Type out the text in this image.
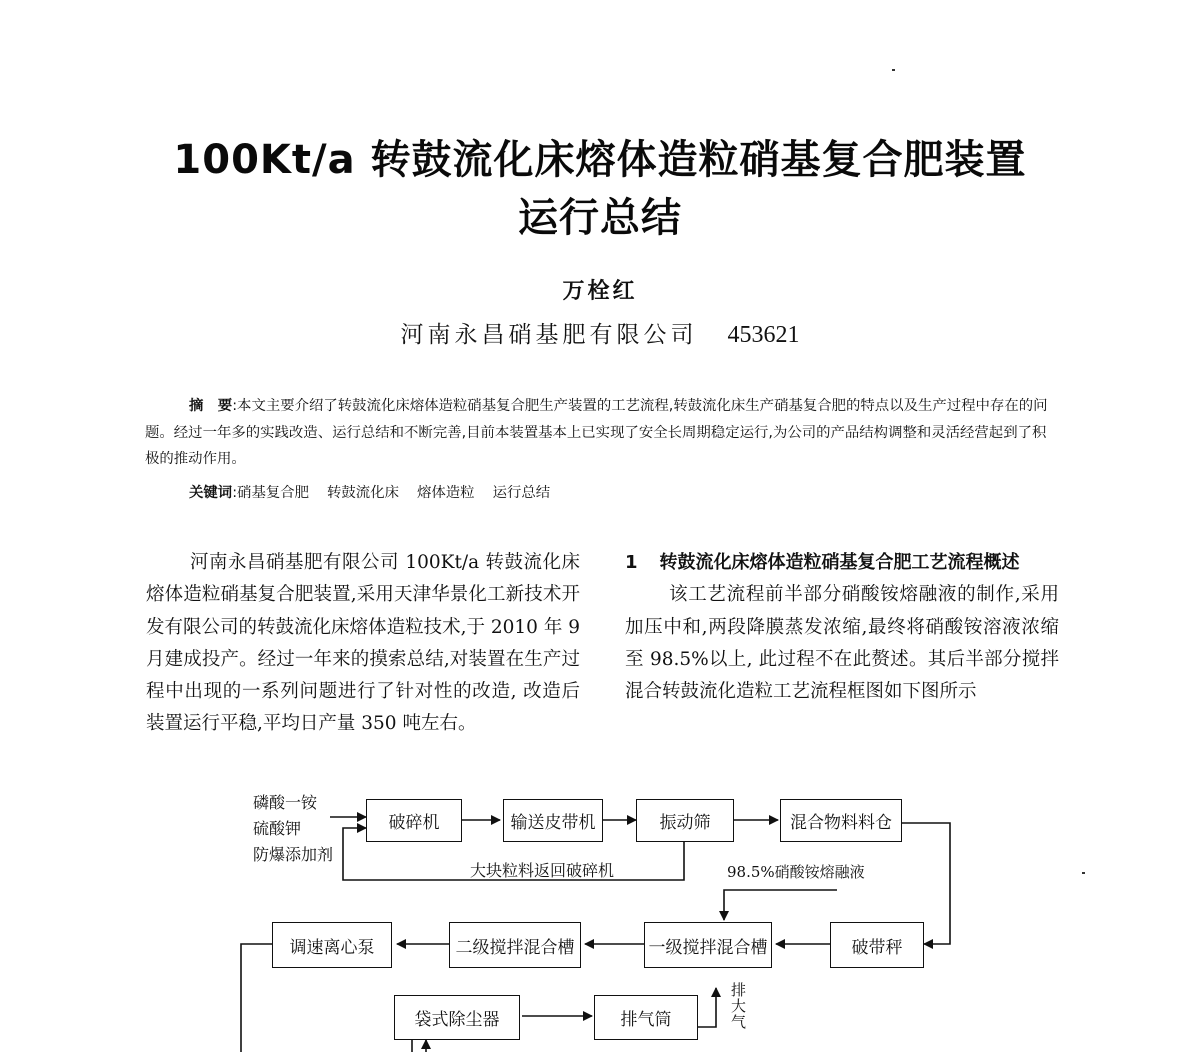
100Kt/a 转鼓流化床熔体造粒硝基复合肥装置
运行总结
万栓红
河南永昌硝基肥有限公司 453621

摘　要:本文主要介绍了转鼓流化床熔体造粒硝基复合肥生产装置的工艺流程,转鼓流化床生产硝基复合肥的特点以及生产过程中存在的问题。经过一年多的实践改造、运行总结和不断完善,目前本装置基本上已实现了安全长周期稳定运行,为公司的产品结构调整和灵活经营起到了积极的推动作用。

关键词:硝基复合肥 转鼓流化床 熔体造粒 运行总结

河南永昌硝基肥有限公司 100Kt/a 转鼓流化床熔体造粒硝基复合肥装置,采用天津华景化工新技术开发有限公司的转鼓流化床熔体造粒技术,于 2010 年 9 月建成投产。经过一年来的摸索总结,对装置在生产过程中出现的一系列问题进行了针对性的改造, 改造后装置运行平稳,平均日产量 350 吨左右。

1 转鼓流化床熔体造粒硝基复合肥工艺流程概述

该工艺流程前半部分硝酸铵熔融液的制作,采用加压中和,两段降膜蒸发浓缩,最终将硝酸铵溶液浓缩至 98.5%以上, 此过程不在此赘述。其后半部分搅拌混合转鼓流化造粒工艺流程框图如下图所示

磷酸一铵
硫酸钾
防爆添加剂
破碎机	输送皮带机	振动筛	混合物料料仓
大块粒料返回破碎机	98.5%硝酸铵熔融液
调速离心泵	二级搅拌混合槽	一级搅拌混合槽	破带秤
袋式除尘器	排气筒
排大气
